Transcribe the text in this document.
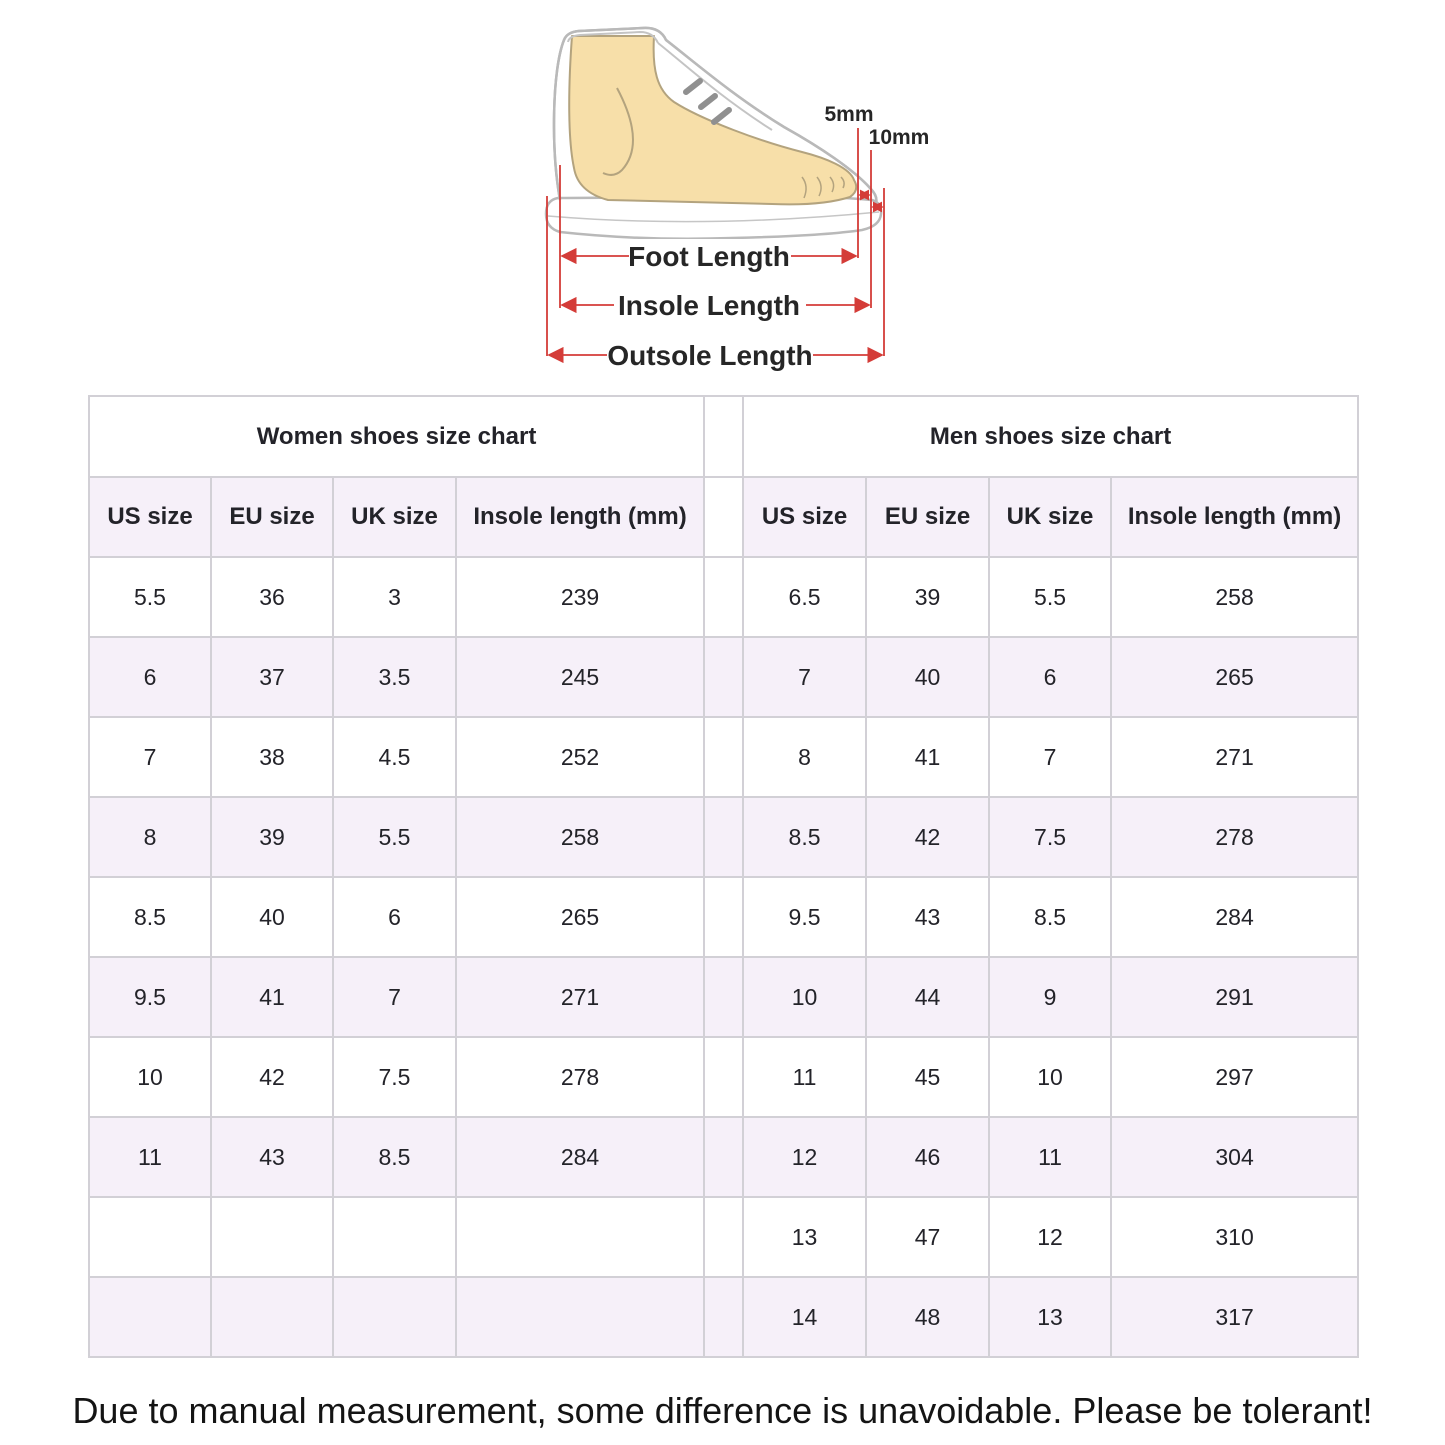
5mm
10mm
Foot Length
Insole Length
Outsole Length
Women shoes size chart					Men shoes size chart			
US size	EU size	UK size	Insole length (mm)		US size	EU size	UK size	Insole length (mm)
5.5	36	3	239		6.5	39	5.5	258
6	37	3.5	245		7	40	6	265
7	38	4.5	252		8	41	7	271
8	39	5.5	258		8.5	42	7.5	278
8.5	40	6	265		9.5	43	8.5	284
9.5	41	7	271		10	44	9	291
10	42	7.5	278		11	45	10	297
11	43	8.5	284		12	46	11	304
					13	47	12	310
					14	48	13	317
Due to manual measurement, some difference is unavoidable. Please be tolerant!
